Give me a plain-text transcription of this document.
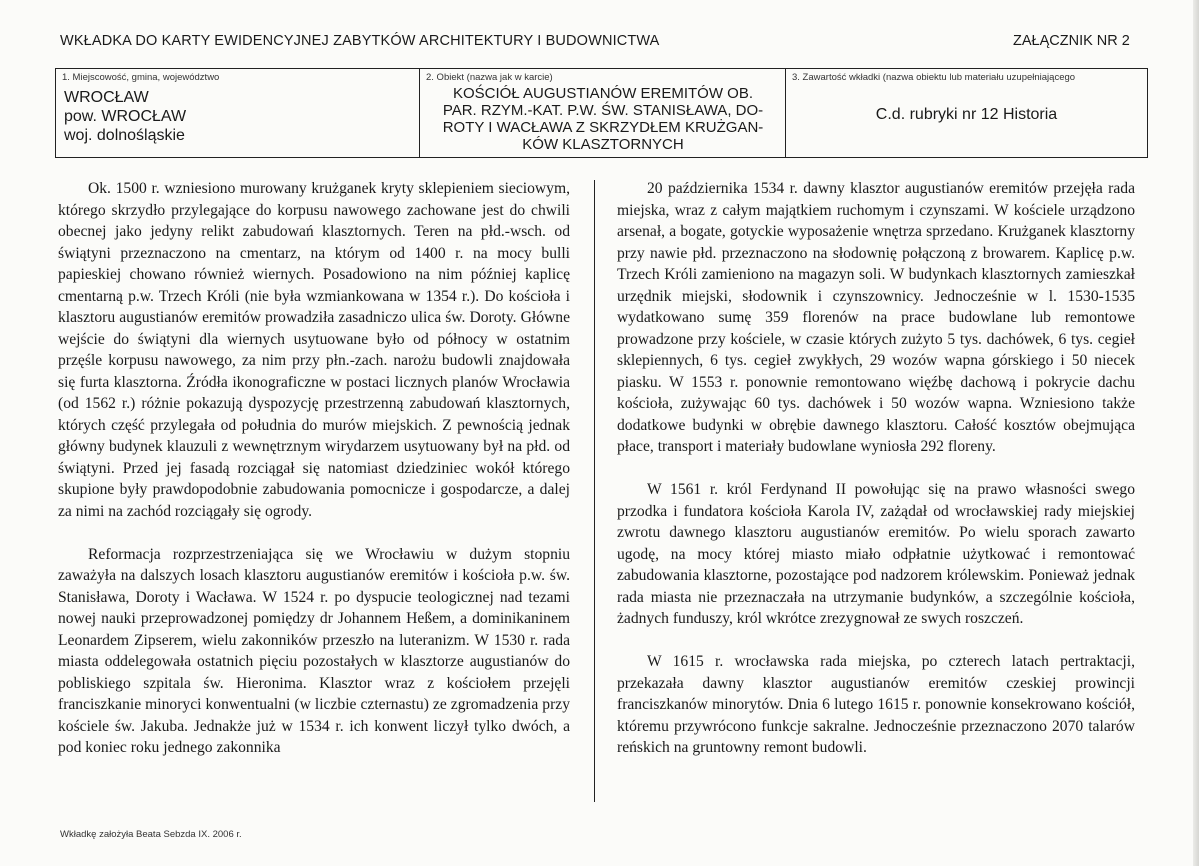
WKŁADKA DO KARTY EWIDENCYJNEJ ZABYTKÓW ARCHITEKTURY I BUDOWNICTWA	ZAŁĄCZNIK NR 2
1. Miejscowość, gmina, województwo
WROCŁAW
pow. WROCŁAW
woj. dolnośląskie
2. Obiekt (nazwa jak w karcie)
KOŚCIÓŁ AUGUSTIANÓW EREMITÓW OB.
PAR. RZYM.-KAT. P.W. ŚW. STANISŁAWA, DO-
ROTY I WACŁAWA Z SKRZYDŁEM KRUŻGAN-
KÓW KLASZTORNYCH
3. Zawartość wkładki (nazwa obiektu lub materiału uzupełniającego
C.d. rubryki nr 12 Historia

Ok. 1500 r. wzniesiono murowany krużganek kryty sklepieniem sieciowym, którego skrzydło przylegające do korpusu nawowego zachowane jest do chwili obecnej jako jedyny relikt zabudowań klasztornych. Teren na płd.-wsch. od świątyni przeznaczono na cmentarz, na którym od 1400 r. na mocy bulli papieskiej chowano również wiernych. Posadowiono na nim później kaplicę cmentarną p.w. Trzech Króli (nie była wzmiankowana w 1354 r.). Do kościoła i klasztoru augustianów eremitów prowadziła zasadniczo ulica św. Doroty. Główne wejście do świątyni dla wiernych usytuowane było od północy w ostatnim przęśle korpusu nawowego, za nim przy płn.-zach. narożu budowli znajdowała się furta klasztorna. Źródła ikonograficzne w postaci licznych planów Wrocławia (od 1562 r.) różnie pokazują dyspozycję przestrzenną zabudowań klasztornych, których część przylegała od południa do murów miejskich. Z pewnością jednak główny budynek klauzuli z wewnętrznym wirydarzem usytuowany był na płd. od świątyni. Przed jej fasadą rozciągał się natomiast dziedziniec wokół którego skupione były prawdopodobnie zabudowania pomocnicze i gospodarcze, a dalej za nimi na zachód rozciągały się ogrody.

Reformacja rozprzestrzeniająca się we Wrocławiu w dużym stopniu zaważyła na dalszych losach klasztoru augustianów eremitów i kościoła p.w. św. Stanisława, Doroty i Wacława. W 1524 r. po dyspucie teologicznej nad tezami nowej nauki przeprowadzonej pomiędzy dr Johannem Heßem, a dominikaninem Leonardem Zipserem, wielu zakonników przeszło na luteranizm. W 1530 r. rada miasta oddelegowała ostatnich pięciu pozostałych w klasztorze augustianów do pobliskiego szpitala św. Hieronima. Klasztor wraz z kościołem przejęli franciszkanie minoryci konwentualni (w liczbie czternastu) ze zgromadzenia przy kościele św. Jakuba. Jednakże już w 1534 r. ich konwent liczył tylko dwóch, a pod koniec roku jednego zakonnika

20 października 1534 r. dawny klasztor augustianów eremitów przejęła rada miejska, wraz z całym majątkiem ruchomym i czynszami. W kościele urządzono arsenał, a bogate, gotyckie wyposażenie wnętrza sprzedano. Krużganek klasztorny przy nawie płd. przeznaczono na słodownię połączoną z browarem. Kaplicę p.w. Trzech Króli zamieniono na magazyn soli. W budynkach klasztornych zamieszkał urzędnik miejski, słodownik i czynszownicy. Jednocześnie w l. 1530-1535 wydatkowano sumę 359 florenów na prace budowlane lub remontowe prowadzone przy kościele, w czasie których zużyto 5 tys. dachówek, 6 tys. cegieł sklepiennych, 6 tys. cegieł zwykłych, 29 wozów wapna górskiego i 50 niecek piasku. W 1553 r. ponownie remontowano więźbę dachową i pokrycie dachu kościoła, zużywając 60 tys. dachówek i 50 wozów wapna. Wzniesiono także dodatkowe budynki w obrębie dawnego klasztoru. Całość kosztów obejmująca płace, transport i materiały budowlane wyniosła 292 floreny.

W 1561 r. król Ferdynand II powołując się na prawo własności swego przodka i fundatora kościoła Karola IV, zażądał od wrocławskiej rady miejskiej zwrotu dawnego klasztoru augustianów eremitów. Po wielu sporach zawarto ugodę, na mocy której miasto miało odpłatnie użytkować i remontować zabudowania klasztorne, pozostające pod nadzorem królewskim. Ponieważ jednak rada miasta nie przeznaczała na utrzymanie budynków, a szczególnie kościoła, żadnych funduszy, król wkrótce zrezygnował ze swych roszczeń.

W 1615 r. wrocławska rada miejska, po czterech latach pertraktacji, przekazała dawny klasztor augustianów eremitów czeskiej prowincji franciszkanów minorytów. Dnia 6 lutego 1615 r. ponownie konsekrowano kościół, któremu przywrócono funkcje sakralne. Jednocześnie przeznaczono 2070 talarów reńskich na gruntowny remont budowli.

Wkładkę założyła Beata Sebzda IX. 2006 r.
